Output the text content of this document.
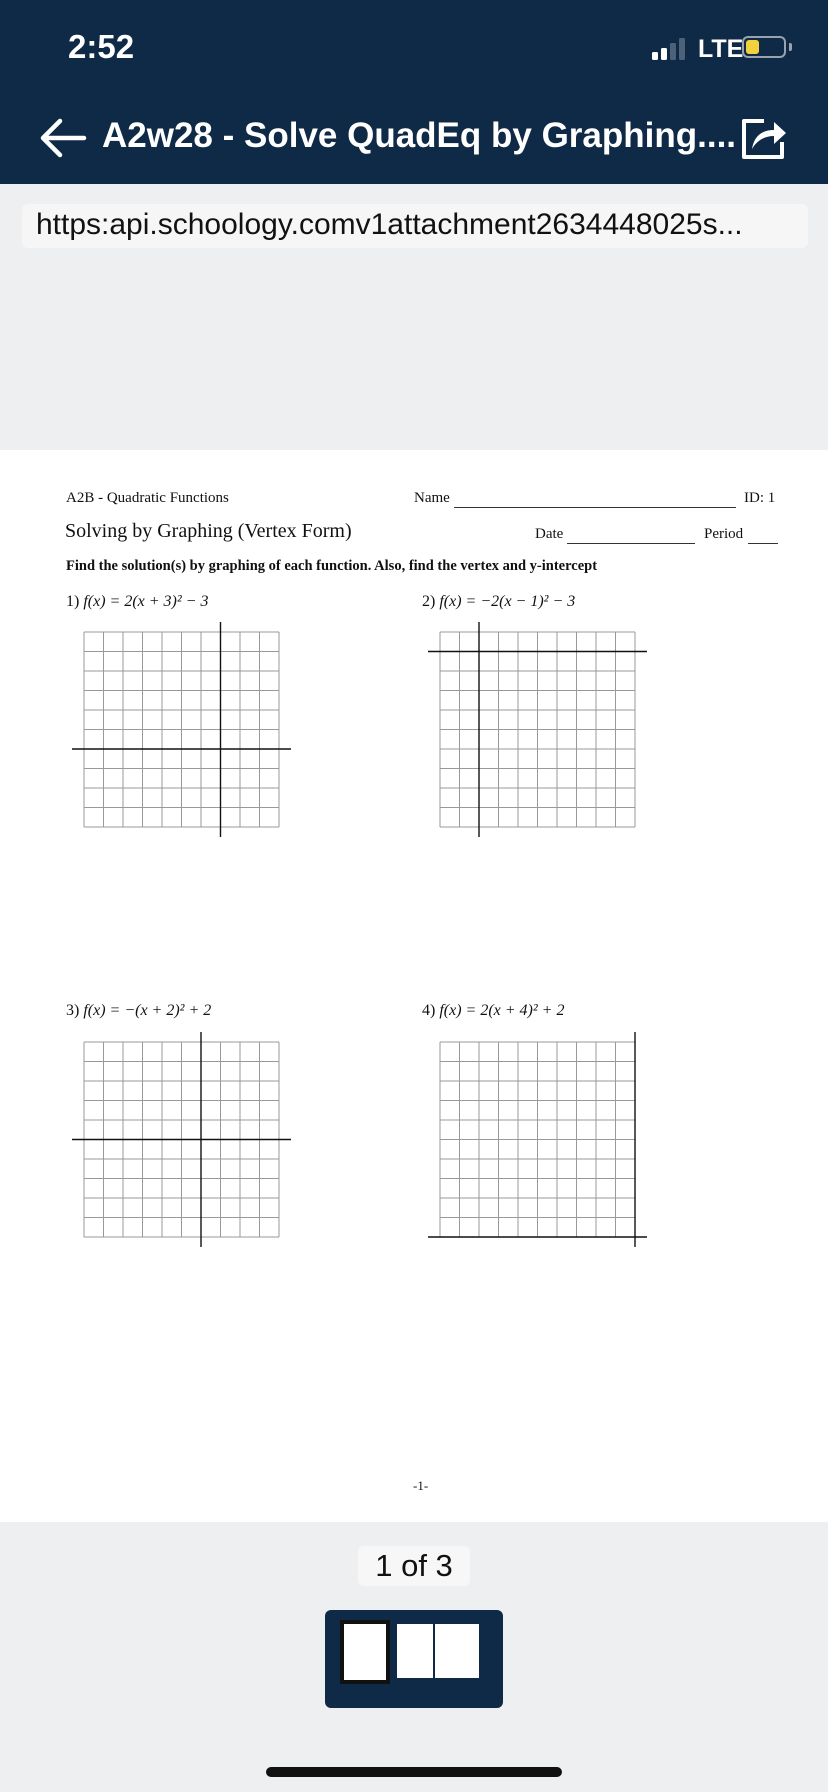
2:52	LTE
A2w28 - Solve QuadEq by Graphing....
https:api.schoology.comv1attachment2634448025s...
A2B - Quadratic Functions	Name	ID: 1
Solving by Graphing (Vertex Form)	Date	Period
Find the solution(s) by graphing of each function. Also, find the vertex and y-intercept
1) f(x) = 2(x + 3)² − 3	2) f(x) = −2(x − 1)² − 3
3) f(x) = −(x + 2)² + 2	4) f(x) = 2(x + 4)² + 2
-1-
1 of 3
